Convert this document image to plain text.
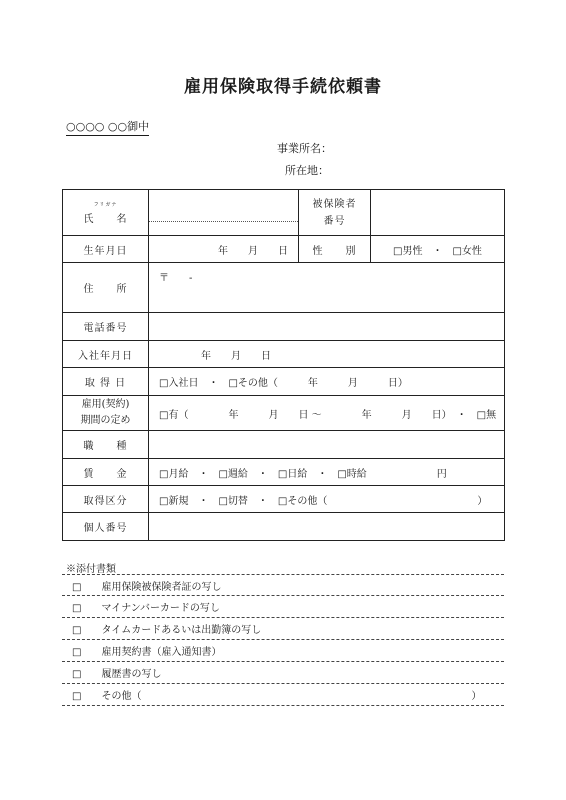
雇用保険取得手続依頼書
○○○○ ○○御中
事業所名：
所在地：
フリガナ
氏　　名		被保険者
番号	
生年月日	年　　月　　日	性　　別	□男性　・　□女性
住　　所	〒　　-		
電話番号			
入社年月日	年　　月　　日		
取 得 日	□入社日　・　□その他（　　　年　　　月　　　日）		
雇用(契約)
期間の定め	□有（　　　　年　　　月　　日 ～　　　　年　　　月　　日）　・　□無		
職　　種			
賃　　金	□月給　・　□週給　・　□日給　・　□時給　　　　　　　円		
取得区分	□新規　・　□切替　・　□その他（　　　　　　　　　　　　　　　）		
個人番号			
※添付書類
□　　雇用保険被保険者証の写し
□　　マイナンバーカードの写し
□　　タイムカードあるいは出勤簿の写し
□　　雇用契約書（雇入通知書）
□　　履歴書の写し
□　　その他（　　　　　　　　　　　　　　　　　　　　　　　　　　　　　　　　　）
